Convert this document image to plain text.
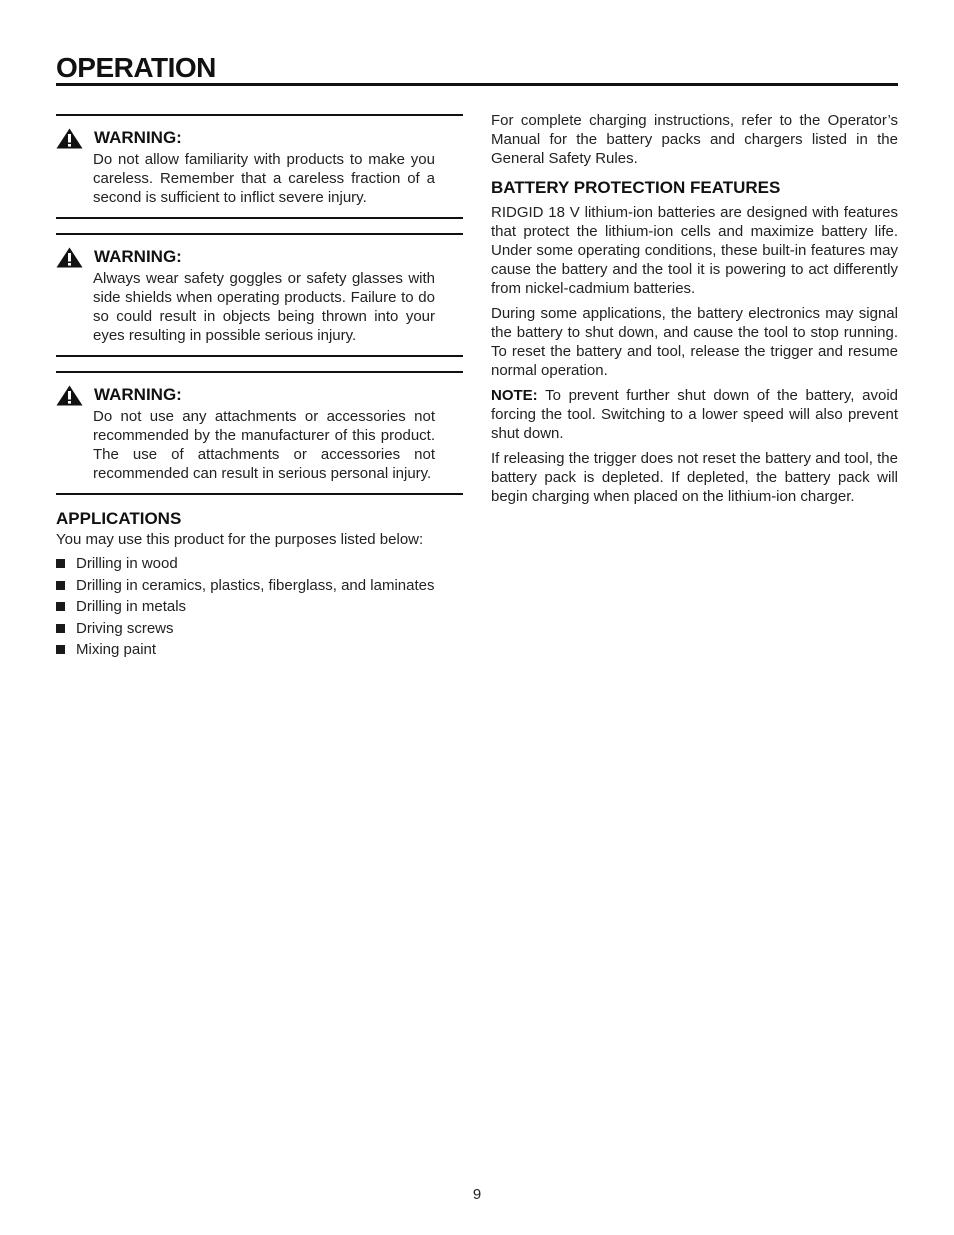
OPERATION
WARNING:

Do not allow familiarity with products to make you careless. Remember that a careless fraction of a second is sufficient to inflict severe injury.

WARNING:

Always wear safety goggles or safety glasses with side shields when operating products. Failure to do so could result in objects being thrown into your eyes resulting in possible serious injury.

WARNING:

Do not use any attachments or accessories not recommended by the manufacturer of this product. The use of attachments or accessories not recommended can result in serious personal injury.

APPLICATIONS

You may use this product for the purposes listed below:

Drilling in wood
Drilling in ceramics, plastics, fiberglass, and laminates
Drilling in metals
Driving screws
Mixing paint

For complete charging instructions, refer to the Operator’s Manual for the battery packs and chargers listed in the General Safety Rules.

BATTERY PROTECTION FEATURES

RIDGID 18 V lithium-ion batteries are designed with features that protect the lithium-ion cells and maximize battery life. Under some operating conditions, these built-in features may cause the battery and the tool it is powering to act differently from nickel-cadmium batteries.

During some applications, the battery electronics may signal the battery to shut down, and cause the tool to stop running. To reset the battery and tool, release the trigger and resume normal operation.

NOTE: To prevent further shut down of the battery, avoid forcing the tool. Switching to a lower speed will also prevent shut down.

If releasing the trigger does not reset the battery and tool, the battery pack is depleted. If depleted, the battery pack will begin charging when placed on the lithium-ion charger.

9
